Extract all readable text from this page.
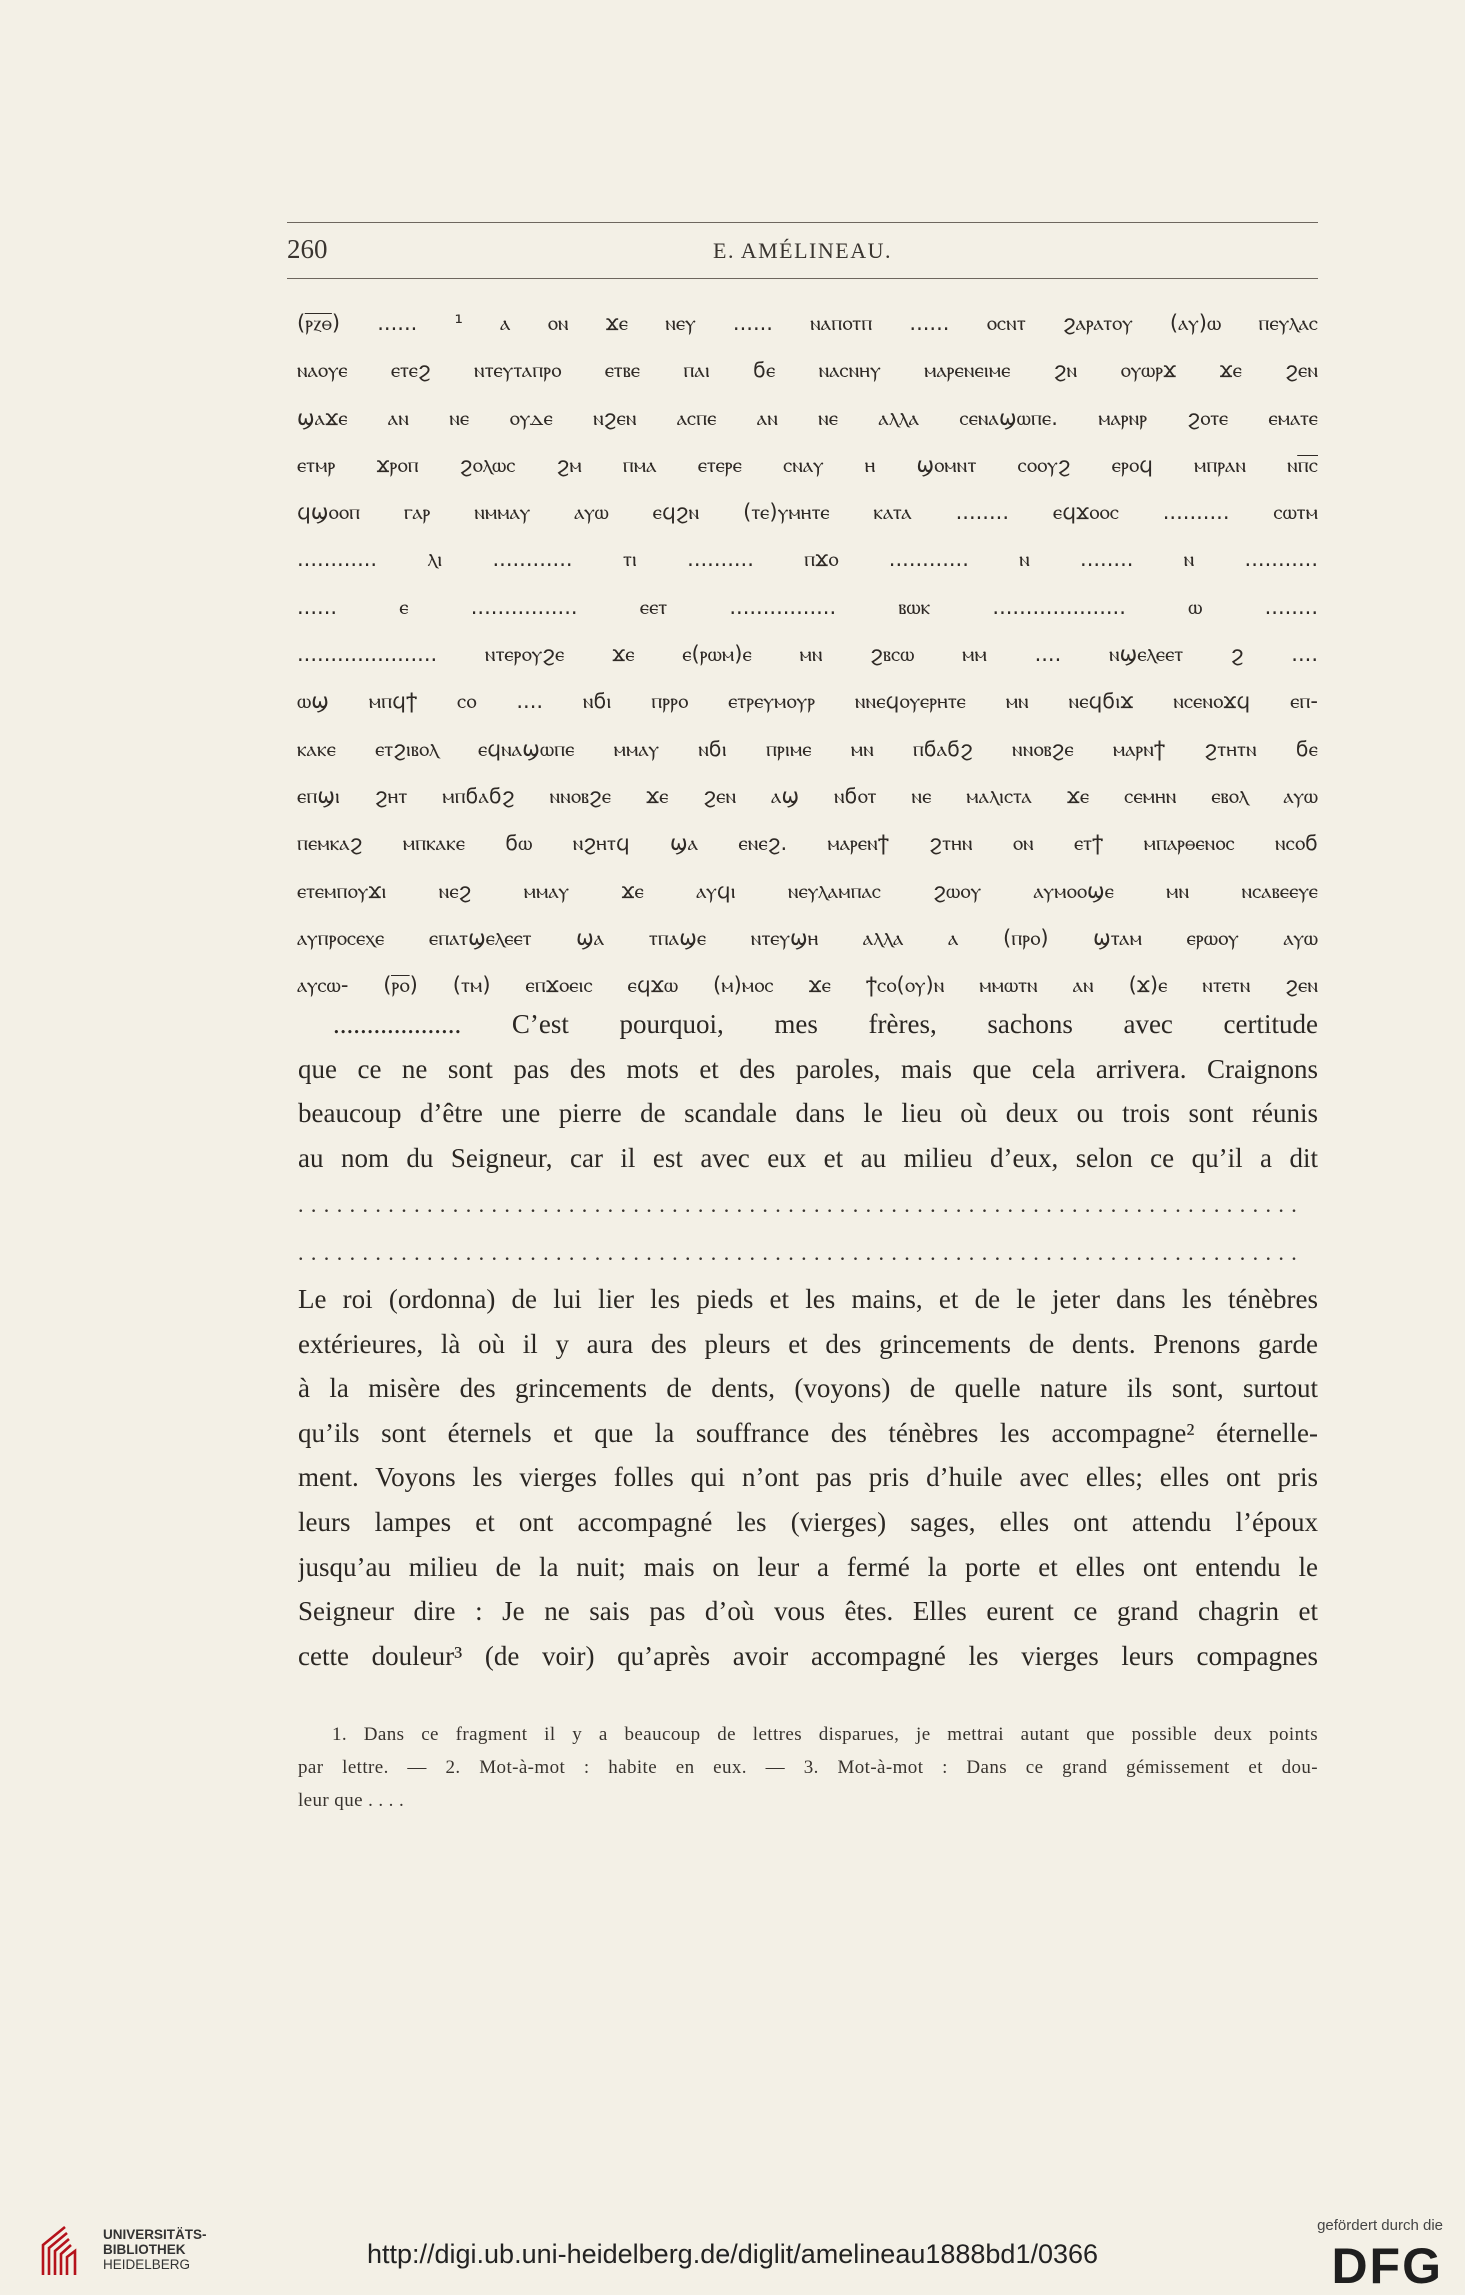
260	E. AMÉLINEAU.
(ⲣ̅ⲍ̅ⲑ̅) ...... ¹ ⲁ ⲟⲛ ϫⲉ ⲛⲉⲩ ...... ⲛⲁⲡⲟⲧⲡ ...... ⲟⲥⲛⲧ ϩⲁⲣⲁⲧⲟⲩ (ⲁⲩ)ⲱ ⲡⲉⲩⲗⲁⲥ
ⲛⲁⲟⲩⲉ ⲉⲧⲉϩ ⲛⲧⲉⲩⲧⲁⲡⲣⲟ ⲉⲧⲃⲉ ⲡⲁⲓ ϭⲉ ⲛⲁⲥⲛⲏⲩ ⲙⲁⲣⲉⲛⲉⲓⲙⲉ ϩⲛ ⲟⲩⲱⲣϫ ϫⲉ ϩⲉⲛ
ϣⲁϫⲉ ⲁⲛ ⲛⲉ ⲟⲩⲇⲉ ⲛϩⲉⲛ ⲁⲥⲡⲉ ⲁⲛ ⲛⲉ ⲁⲗⲗⲁ ⲥⲉⲛⲁϣⲱⲡⲉ. ⲙⲁⲣⲛⲣ ϩⲟⲧⲉ ⲉⲙⲁⲧⲉ
ⲉⲧⲙⲣ ϫⲣⲟⲡ ϩⲟⲗⲱⲥ ϩⲙ ⲡⲙⲁ ⲉⲧⲉⲣⲉ ⲥⲛⲁⲩ ⲏ ϣⲟⲙⲛⲧ ⲥⲟⲟⲩϩ ⲉⲣⲟϥ ⲙⲡⲣⲁⲛ ⲛⲡ̅ⲥ̅
ϥϣⲟⲟⲡ ⲅⲁⲣ ⲛⲙⲙⲁⲩ ⲁⲩⲱ ⲉϥϩⲛ (ⲧⲉ)ⲩⲙⲏⲧⲉ ⲕⲁⲧⲁ ........ ⲉϥϫⲟⲟⲥ .......... ⲥⲱⲧⲙ
............ ⲗⲓ ............ ⲧⲓ .......... ⲡϫⲟ ............ ⲛ ........ ⲛ ...........
...... ⲉ ................ ⲉⲉⲧ ................ ⲃⲱⲕ .................... ⲱ ........
..................... ⲛⲧⲉⲣⲟⲩϩⲉ ϫⲉ ⲉ(ⲣⲱⲙ)ⲉ ⲙⲛ ϩⲃⲥⲱ ⲙⲙ .... ⲛϣⲉⲗⲉⲉⲧ ϩ ....
ⲱϣ ⲙⲡϥϯ ⲥⲟ .... ⲛϭⲓ ⲡⲣⲣⲟ ⲉⲧⲣⲉⲩⲙⲟⲩⲣ ⲛⲛⲉϥⲟⲩⲉⲣⲏⲧⲉ ⲙⲛ ⲛⲉϥϭⲓϫ ⲛⲥⲉⲛⲟϫϥ ⲉⲡ-
ⲕⲁⲕⲉ ⲉⲧϩⲓⲃⲟⲗ ⲉϥⲛⲁϣⲱⲡⲉ ⲙⲙⲁⲩ ⲛϭⲓ ⲡⲣⲓⲙⲉ ⲙⲛ ⲡϭⲁϭϩ ⲛⲛⲟⲃϩⲉ ⲙⲁⲣⲛϯ ϩⲧⲏⲧⲛ ϭⲉ
ⲉⲡϣⲓ ϩⲏⲧ ⲙⲡϭⲁϭϩ ⲛⲛⲟⲃϩⲉ ϫⲉ ϩⲉⲛ ⲁϣ ⲛϭⲟⲧ ⲛⲉ ⲙⲁⲗⲓⲥⲧⲁ ϫⲉ ⲥⲉⲙⲏⲛ ⲉⲃⲟⲗ ⲁⲩⲱ
ⲡⲉⲙⲕⲁϩ ⲙⲡⲕⲁⲕⲉ ϭⲱ ⲛϩⲏⲧϥ ϣⲁ ⲉⲛⲉϩ. ⲙⲁⲣⲉⲛϯ ϩⲧⲏⲛ ⲟⲛ ⲉⲧϯ ⲙⲡⲁⲣⲑⲉⲛⲟⲥ ⲛⲥⲟϭ
ⲉⲧⲉⲙⲡⲟⲩϫⲓ ⲛⲉϩ ⲙⲙⲁⲩ ϫⲉ ⲁⲩϥⲓ ⲛⲉⲩⲗⲁⲙⲡⲁⲥ ϩⲱⲟⲩ ⲁⲩⲙⲟⲟϣⲉ ⲙⲛ ⲛⲥⲁⲃⲉⲉⲩⲉ
ⲁⲩⲡⲣⲟⲥⲉⲭⲉ ⲉⲡⲁⲧϣⲉⲗⲉⲉⲧ ϣⲁ ⲧⲡⲁϣⲉ ⲛⲧⲉⲩϣⲏ ⲁⲗⲗⲁ ⲁ (ⲡⲣⲟ) ϣⲧⲁⲙ ⲉⲣⲱⲟⲩ ⲁⲩⲱ
ⲁⲩⲥⲱ- (ⲣ̅ⲟ̅) (ⲧⲙ) ⲉⲡϫⲟⲉⲓⲥ ⲉϥϫⲱ (ⲙ)ⲙⲟⲥ ϫⲉ ϯⲥⲟ(ⲟⲩ)ⲛ ⲙⲙⲱⲧⲛ ⲁⲛ (ϫ)ⲉ ⲛⲧⲉⲧⲛ ϩⲉⲛ
................... C’est pourquoi, mes frères, sachons avec certitude
que ce ne sont pas des mots et des paroles, mais que cela arrivera. Craignons
beaucoup d’être une pierre de scandale dans le lieu où deux ou trois sont réunis
au nom du Seigneur, car il est avec eux et au milieu d’eux, selon ce qu’il a dit
..............................................................................
..............................................................................
Le roi (ordonna) de lui lier les pieds et les mains, et de le jeter dans les ténèbres
extérieures, là où il y aura des pleurs et des grincements de dents. Prenons garde
à la misère des grincements de dents, (voyons) de quelle nature ils sont, surtout
qu’ils sont éternels et que la souffrance des ténèbres les accompagne² éternelle-
ment. Voyons les vierges folles qui n’ont pas pris d’huile avec elles; elles ont pris
leurs lampes et ont accompagné les (vierges) sages, elles ont attendu l’époux
jusqu’au milieu de la nuit; mais on leur a fermé la porte et elles ont entendu le
Seigneur dire : Je ne sais pas d’où vous êtes. Elles eurent ce grand chagrin et
cette douleur³ (de voir) qu’après avoir accompagné les vierges leurs compagnes
1. Dans ce fragment il y a beaucoup de lettres disparues, je mettrai autant que possible deux points
par lettre. — 2. Mot-à-mot : habite en eux. — 3. Mot-à-mot : Dans ce grand gémissement et dou-
leur que . . . .
UNIVERSITÄTS-
BIBLIOTHEK
HEIDELBERG	http://digi.ub.uni-heidelberg.de/diglit/amelineau1888bd1/0366
gefördert durch die
DFG
